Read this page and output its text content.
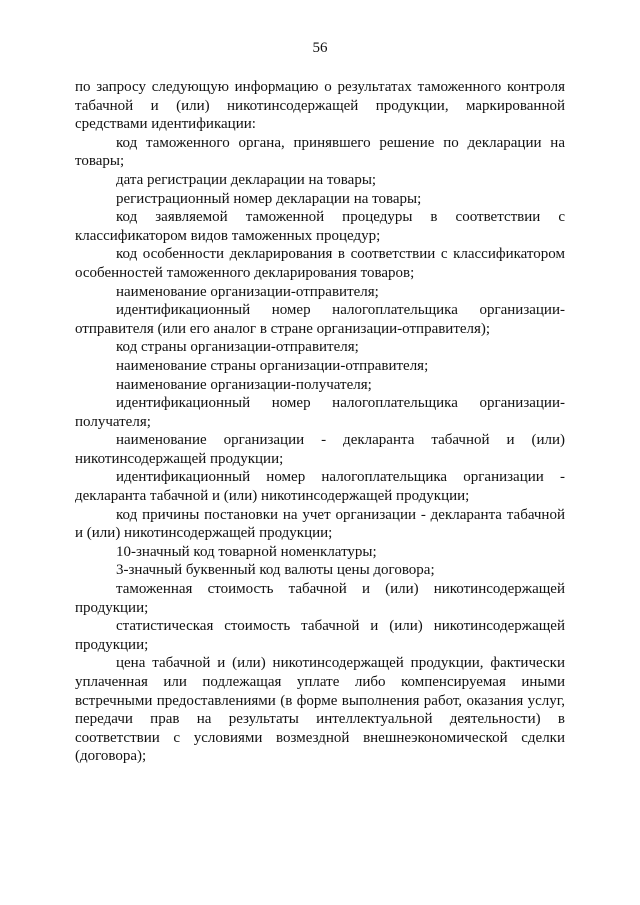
56

по запросу следующую информацию о результатах таможенного контроля табачной и (или) никотинсодержащей продукции, маркированной средствами идентификации:

код таможенного органа, принявшего решение по декларации на товары;

дата регистрации декларации на товары;

регистрационный номер декларации на товары;

код заявляемой таможенной процедуры в соответствии с классификатором видов таможенных процедур;

код особенности декларирования в соответствии с классификатором особенностей таможенного декларирования товаров;

наименование организации-отправителя;

идентификационный номер налогоплательщика организации-отправителя (или его аналог в стране организации-отправителя);

код страны организации-отправителя;

наименование страны организации-отправителя;

наименование организации-получателя;

идентификационный номер налогоплательщика организации-получателя;

наименование организации - декларанта табачной и (или) никотинсодержащей продукции;

идентификационный номер налогоплательщика организации - декларанта табачной и (или) никотинсодержащей продукции;

код причины постановки на учет организации - декларанта табачной и (или) никотинсодержащей продукции;

10-значный код товарной номенклатуры;

3-значный буквенный код валюты цены договора;

таможенная стоимость табачной и (или) никотинсодержащей продукции;

статистическая стоимость табачной и (или) никотинсодержащей продукции;

цена табачной и (или) никотинсодержащей продукции, фактически уплаченная или подлежащая уплате либо компенсируемая иными встречными предоставлениями (в форме выполнения работ, оказания услуг, передачи прав на результаты интеллектуальной деятельности) в соответствии с условиями возмездной внешнеэкономической сделки (договора);
